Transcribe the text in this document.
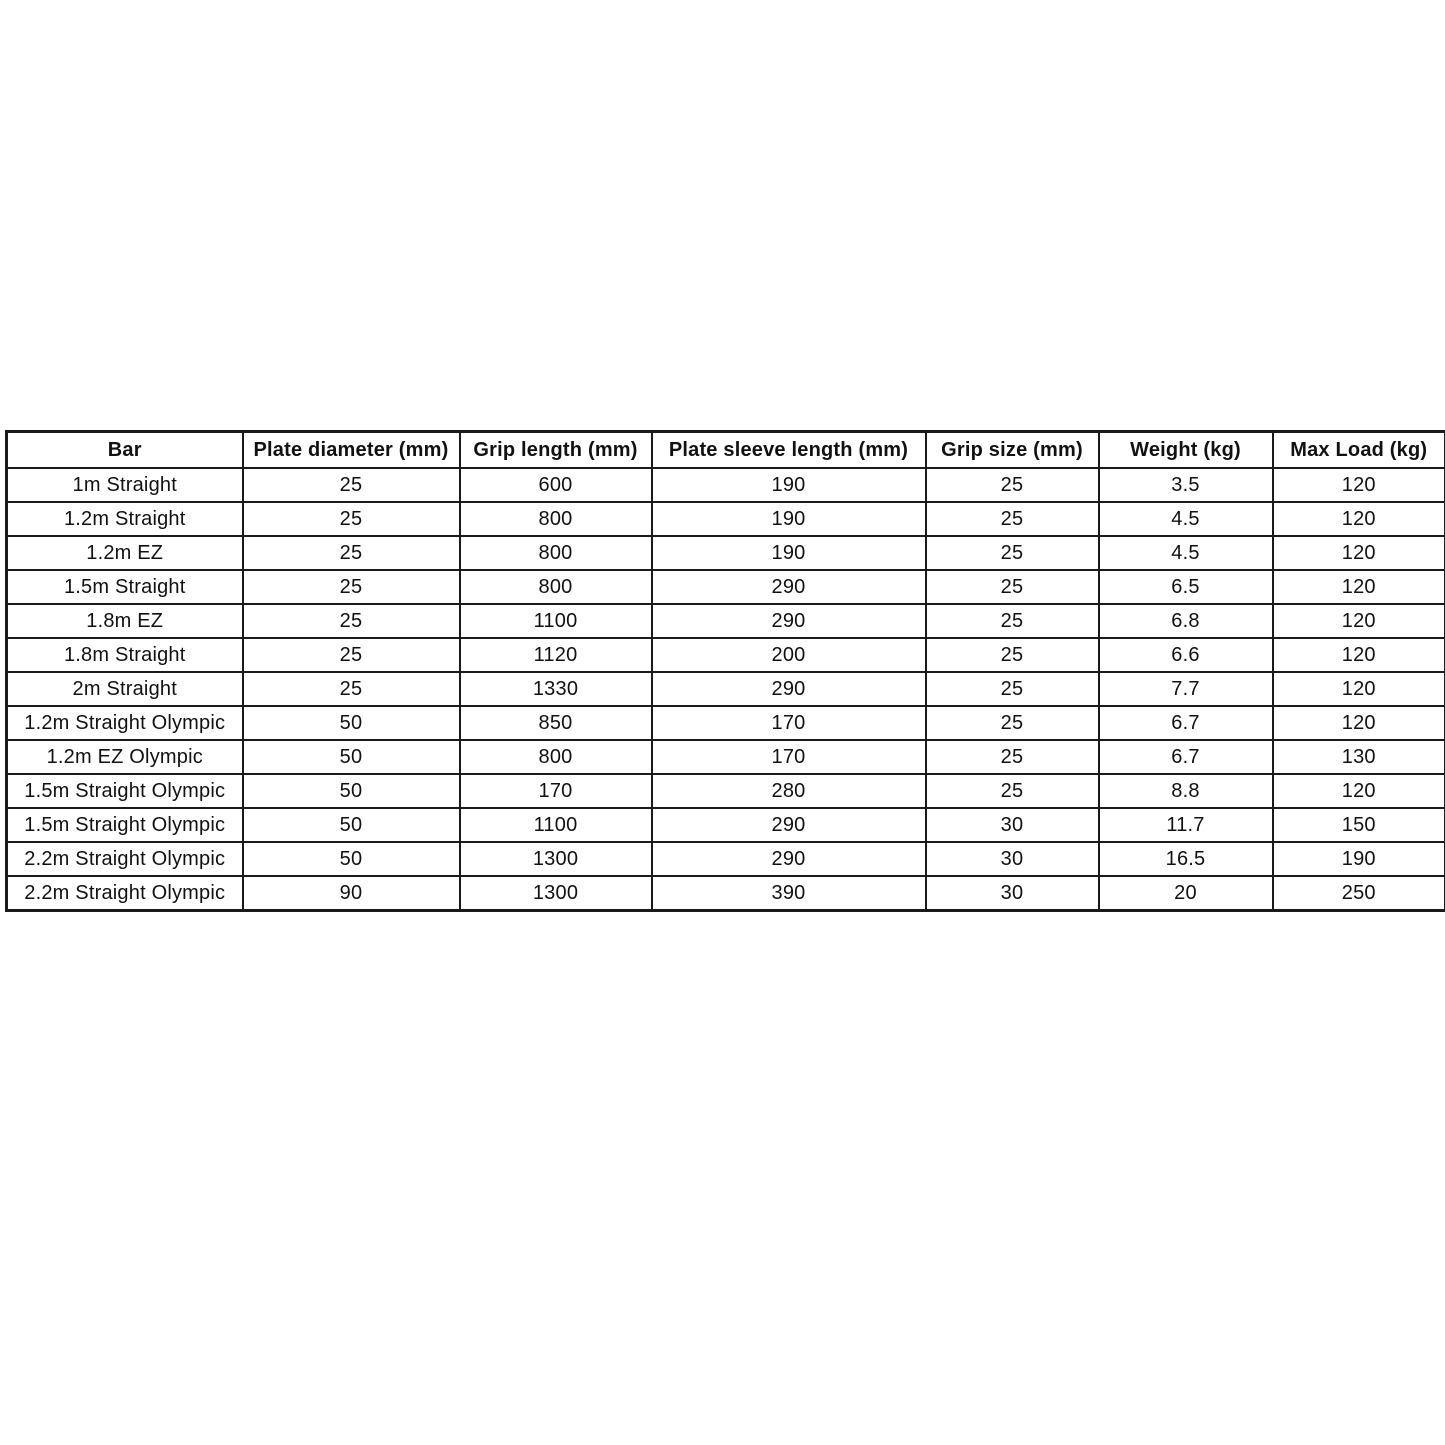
Bar	Plate diameter (mm)	Grip length (mm)	Plate sleeve length (mm)	Grip size (mm)	Weight (kg)	Max Load (kg)
1m Straight	25	600	190	25	3.5	120
1.2m Straight	25	800	190	25	4.5	120
1.2m EZ	25	800	190	25	4.5	120
1.5m Straight	25	800	290	25	6.5	120
1.8m EZ	25	1100	290	25	6.8	120
1.8m Straight	25	1120	200	25	6.6	120
2m Straight	25	1330	290	25	7.7	120
1.2m Straight Olympic	50	850	170	25	6.7	120
1.2m EZ Olympic	50	800	170	25	6.7	130
1.5m Straight Olympic	50	170	280	25	8.8	120
1.5m Straight Olympic	50	1100	290	30	11.7	150
2.2m Straight Olympic	50	1300	290	30	16.5	190
2.2m Straight Olympic	90	1300	390	30	20	250
